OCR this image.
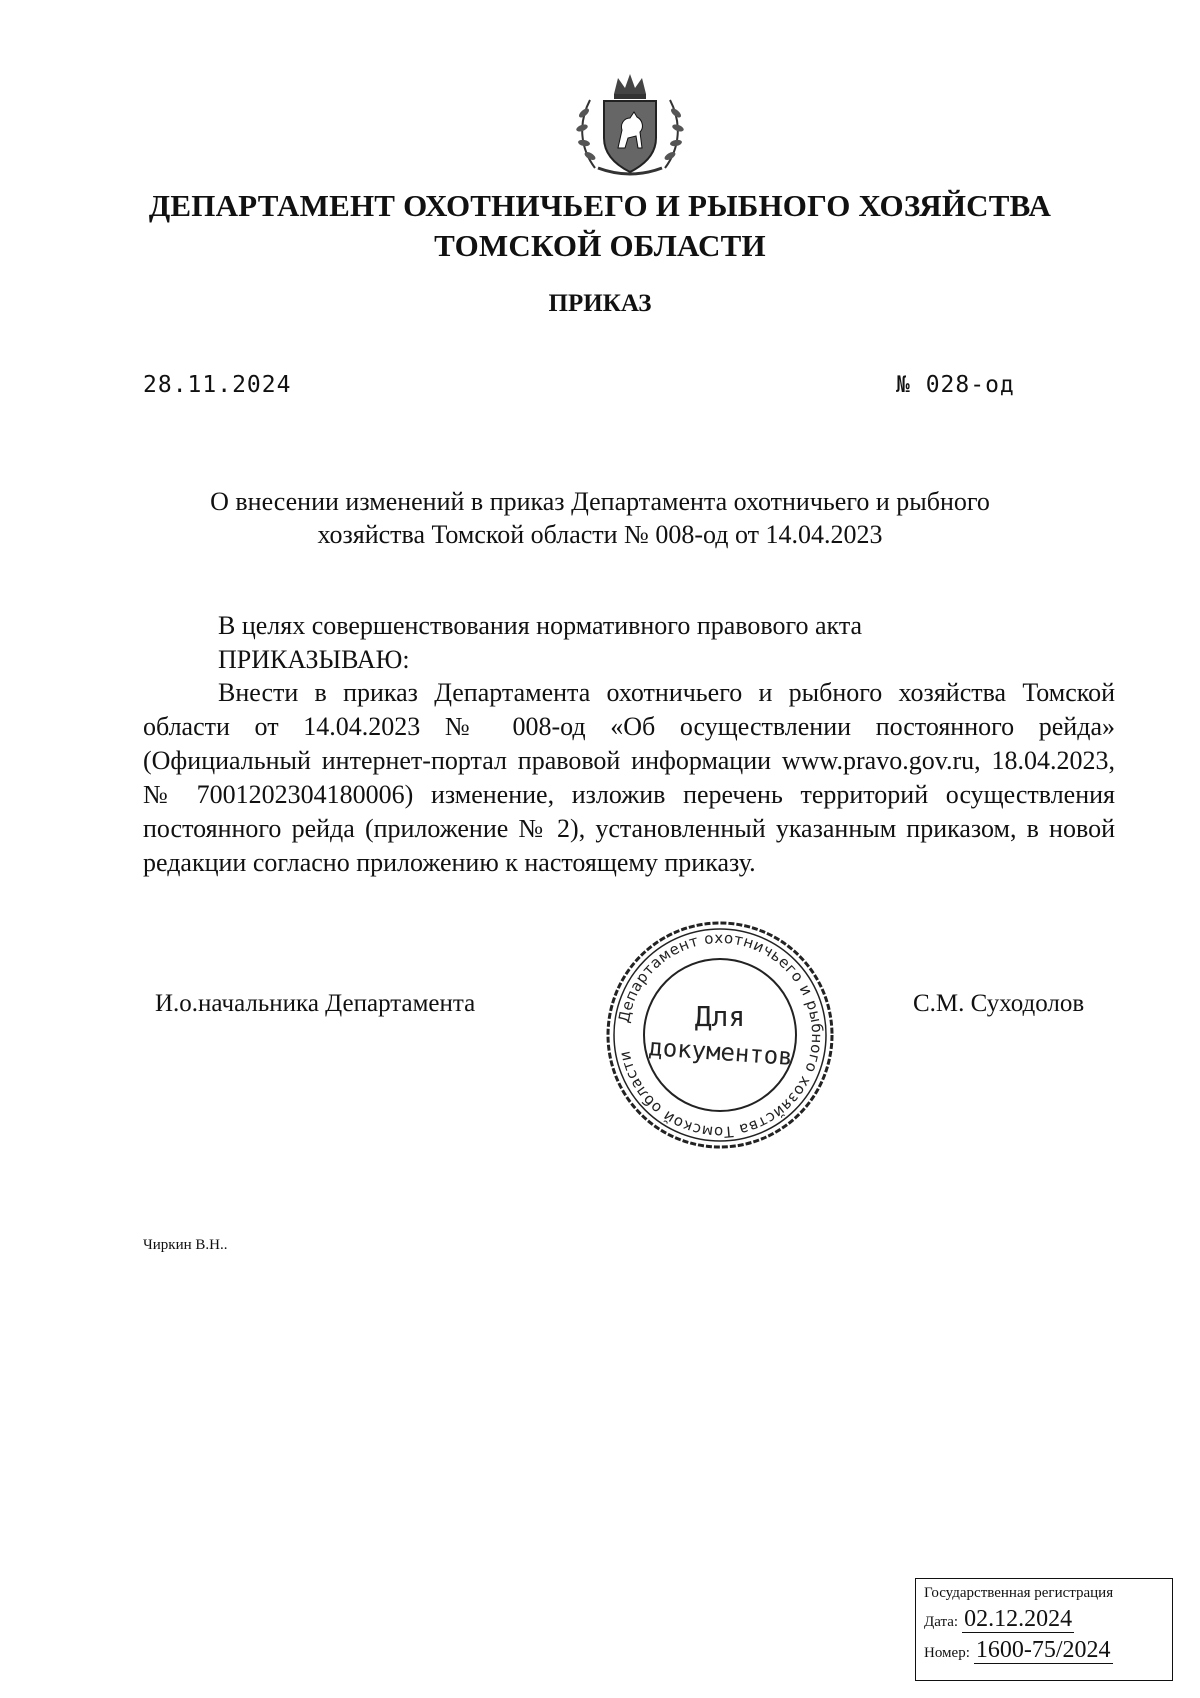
ДЕПАРТАМЕНТ ОХОТНИЧЬЕГО И РЫБНОГО ХОЗЯЙСТВА
ТОМСКОЙ ОБЛАСТИ
ПРИКАЗ
28.11.2024	№ 028-од
О внесении изменений в приказ Департамента охотничьего и рыбного
хозяйства Томской области № 008-од от 14.04.2023
В целях совершенствования нормативного правового акта
ПРИКАЗЫВАЮ:
Внести в приказ Департамента охотничьего и рыбного хозяйства Томской области от 14.04.2023 № 008-од «Об осуществлении постоянного рейда» (Официальный интернет-портал правовой информации www.pravo.gov.ru, 18.04.2023, № 7001202304180006) изменение, изложив перечень территорий осуществления постоянного рейда (приложение № 2), установленный указанным приказом, в новой редакции согласно приложению к настоящему приказу.
И.о.начальника Департамента	С.М. Суходолов
Департамент охотничьего и рыбного хозяйства Томской области
Для
документов
Чиркин В.Н..
Государственная регистрация
Дата: 02.12.2024
Номер: 1600-75/2024
